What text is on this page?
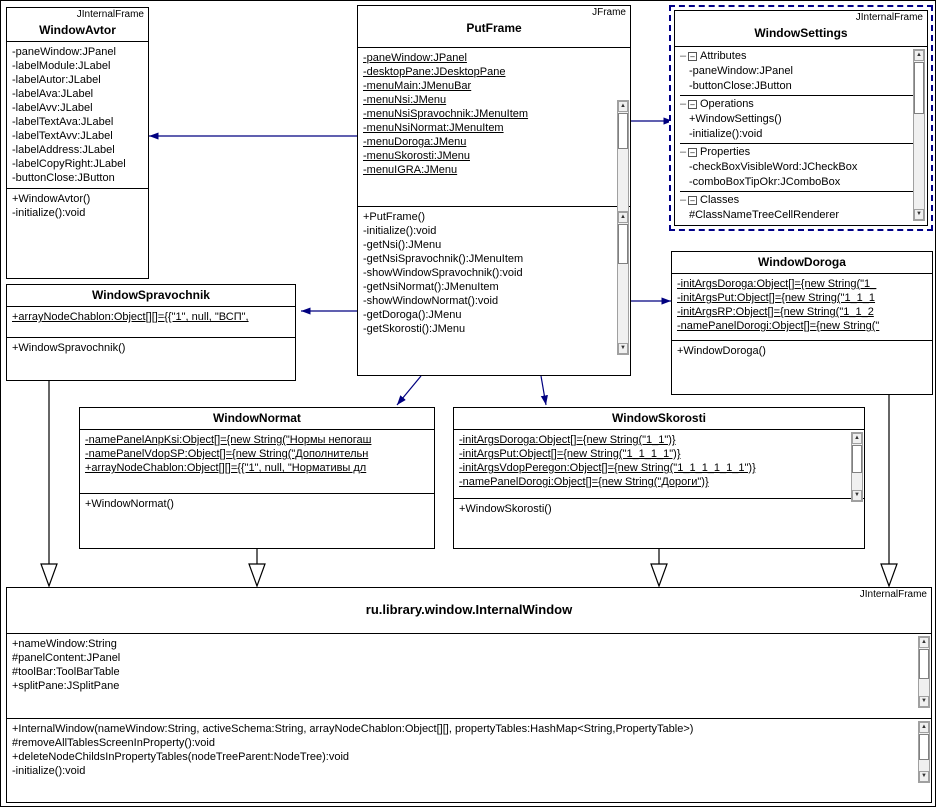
JInternalFrame
WindowAvtor
-paneWindow:JPanel
-labelModule:JLabel
-labelAutor:JLabel
-labelAva:JLabel
-labelAvv:JLabel
-labelTextAva:JLabel
-labelTextAvv:JLabel
-labelAddress:JLabel
-labelCopyRight:JLabel
-buttonClose:JButton
+WindowAvtor()
-initialize():void
WindowSpravochnik
+arrayNodeChablon:Object[][]={{"1", null, "ВСП",
+WindowSpravochnik()
JFrame
PutFrame
-paneWindow:JPanel
-desktopPane:JDesktopPane
-menuMain:JMenuBar
-menuNsi:JMenu
-menuNsiSpravochnik:JMenuItem
-menuNsiNormat:JMenuItem
-menuDoroga:JMenu
-menuSkorosti:JMenu
-menuIGRA:JMenu
▲
+PutFrame()
-initialize():void
-getNsi():JMenu
-getNsiSpravochnik():JMenuItem
-showWindowSpravochnik():void
-getNsiNormat():JMenuItem
-showWindowNormat():void
-getDoroga():JMenu
-getSkorosti():JMenu
▲
▼
JInternalFrame
WindowSettings
– – Attributes
-paneWindow:JPanel
-buttonClose:JButton
– – Operations
+WindowSettings()
-initialize():void
– – Properties
-checkBoxVisibleWord:JCheckBox
-comboBoxTipOkr:JComboBox
– – Classes
#ClassNameTreeCellRenderer
▲
▼
WindowDoroga
-initArgsDoroga:Object[]={new String("1_
-initArgsPut:Object[]={new String("1_1_1
-initArgsRP:Object[]={new String("1_1_2
-namePanelDorogi:Object[]={new String("
+WindowDoroga()
WindowNormat
-namePanelAnpKsi:Object[]={new String("Нормы непогаш
-namePanelVdopSP:Object[]={new String("Дополнительн
+arrayNodeChablon:Object[][]={{"1", null, "Нормативы дл
+WindowNormat()
WindowSkorosti
-initArgsDoroga:Object[]={new String("1_1")}
-initArgsPut:Object[]={new String("1_1_1_1")}
-initArgsVdopPeregon:Object[]={new String("1_1_1_1_1_1")}
-namePanelDorogi:Object[]={new String("Дороги")}
▲
▼
+WindowSkorosti()
JInternalFrame
ru.library.window.InternalWindow
+nameWindow:String
#panelContent:JPanel
#toolBar:ToolBarTable
+splitPane:JSplitPane
▲
▼
+InternalWindow(nameWindow:String, activeSchema:String, arrayNodeChablon:Object[][], propertyTables:HashMap<String,PropertyTable>)
#removeAllTablesScreenInProperty():void
+deleteNodeChildsInPropertyTables(nodeTreeParent:NodeTree):void
-initialize():void
▲
▼
